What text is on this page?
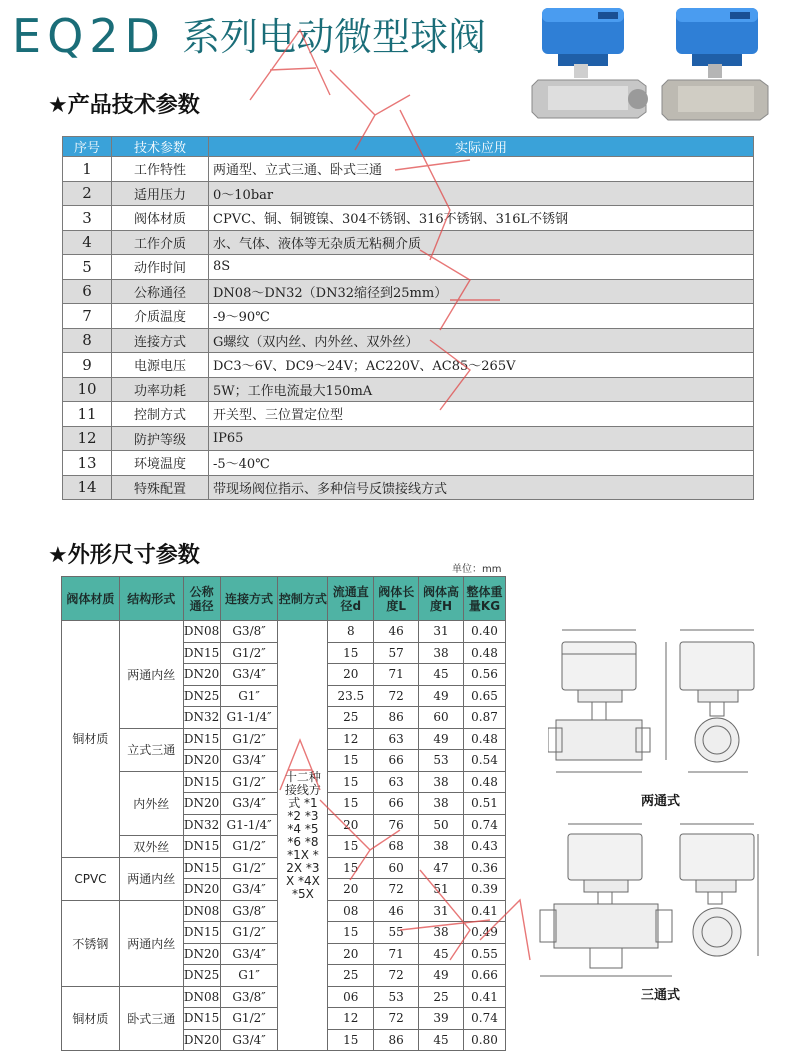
EQ2D 系列电动微型球阀
★产品技术参数
序号	技术参数	实际应用
1	工作特性	两通型、立式三通、卧式三通
2	适用压力	0～10bar
3	阀体材质	CPVC、铜、铜镀镍、304不锈钢、316不锈钢、316L不锈钢
4	工作介质	水、气体、液体等无杂质无粘稠介质
5	动作时间	8S
6	公称通径	DN08～DN32（DN32缩径到25mm）
7	介质温度	-9～90℃
8	连接方式	G螺纹（双内丝、内外丝、双外丝）
9	电源电压	DC3～6V、DC9～24V；AC220V、AC85～265V
10	功率功耗	5W；工作电流最大150mA
11	控制方式	开关型、三位置定位型
12	防护等级	IP65
13	环境温度	-5～40℃
14	特殊配置	带现场阀位指示、多种信号反馈接线方式
★外形尺寸参数
单位：mm
阀体材质	结构形式	公称通径	连接方式	控制方式	流通直径d	阀体长度L	阀体高度H	整体重量KG
铜材质	两通内丝	DN08	G3/8″	十二种接线方式 *1 *2 *3 *4 *5 *6 *8 *1X *2X *3X *4X *5X	8	46	31	0.40
		DN15	G1/2″		15	57	38	0.48
		DN20	G3/4″		20	71	45	0.56
		DN25	G1″		23.5	72	49	0.65
		DN32	G1-1/4″		25	86	60	0.87
	立式三通	DN15	G1/2″		12	63	49	0.48
		DN20	G3/4″		15	66	53	0.54
	内外丝	DN15	G1/2″		15	63	38	0.48
		DN20	G3/4″		15	66	38	0.51
		DN32	G1-1/4″		20	76	50	0.74
	双外丝	DN15	G1/2″		15	68	38	0.43
CPVC	两通内丝	DN15	G1/2″		15	60	47	0.36
		DN20	G3/4″		20	72	51	0.39
不锈钢	两通内丝	DN08	G3/8″		08	46	31	0.41
		DN15	G1/2″		15	55	38	0.49
		DN20	G3/4″		20	71	45	0.55
		DN25	G1″		25	72	49	0.66
铜材质	卧式三通	DN08	G3/8″		06	53	25	0.41
		DN15	G1/2″		12	72	39	0.74
		DN20	G3/4″		15	86	45	0.80
两通式
三通式
